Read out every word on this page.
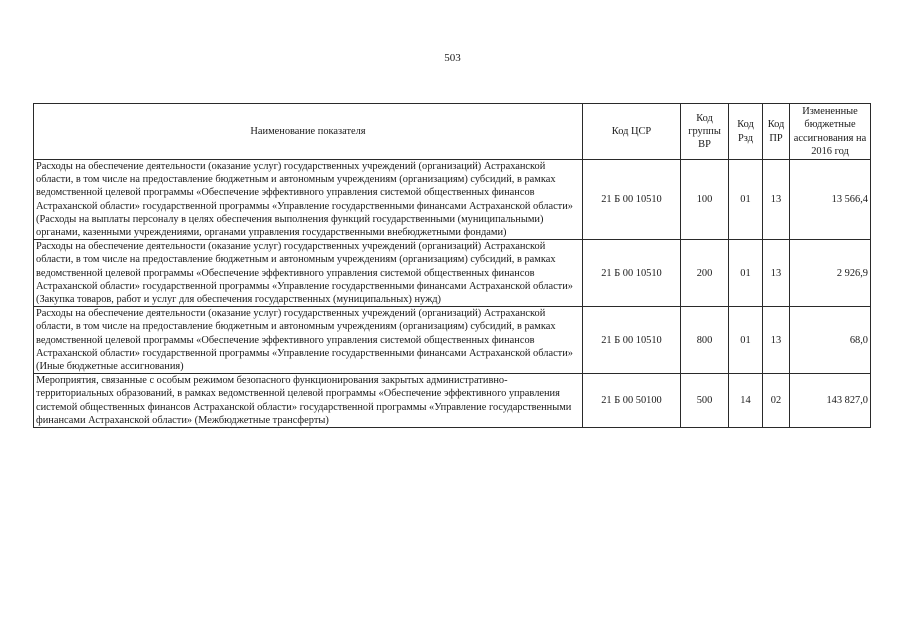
503
Наименование показателя	Код ЦСР	Код группы ВР	Код Рзд	Код ПР	Измененные бюджетные ассигнования на 2016 год
Расходы на обеспечение деятельности (оказание услуг) государственных учреждений (организаций) Астраханской области, в том числе на предоставление бюджетным и автономным учреждениям (организациям) субсидий, в рамках ведомственной целевой программы «Обеспечение эффективного управления системой общественных финансов Астраханской области» государственной программы «Управление государственными финансами Астраханской области» (Расходы на выплаты персоналу в целях обеспечения выполнения функций государственными (муниципальными) органами, казенными учреждениями, органами управления государственными внебюджетными фондами)	21 Б 00 10510	100	01	13	13 566,4
Расходы на обеспечение деятельности (оказание услуг) государственных учреждений (организаций) Астраханской области, в том числе на предоставление бюджетным и автономным учреждениям (организациям) субсидий, в рамках ведомственной целевой программы «Обеспечение эффективного управления системой общественных финансов Астраханской области» государственной программы «Управление государственными финансами Астраханской области» (Закупка товаров, работ и услуг для обеспечения государственных (муниципальных) нужд)	21 Б 00 10510	200	01	13	2 926,9
Расходы на обеспечение деятельности (оказание услуг) государственных учреждений (организаций) Астраханской области, в том числе на предоставление бюджетным и автономным учреждениям (организациям) субсидий, в рамках ведомственной целевой программы «Обеспечение эффективного управления системой общественных финансов Астраханской области» государственной программы «Управление государственными финансами Астраханской области» (Иные бюджетные ассигнования)	21 Б 00 10510	800	01	13	68,0
Мероприятия, связанные с особым режимом безопасного функционирования закрытых административно-территориальных образований, в рамках ведомственной целевой программы «Обеспечение эффективного управления системой общественных финансов Астраханской области» государственной программы «Управление государственными финансами Астраханской области» (Межбюджетные трансферты)	21 Б 00 50100	500	14	02	143 827,0
